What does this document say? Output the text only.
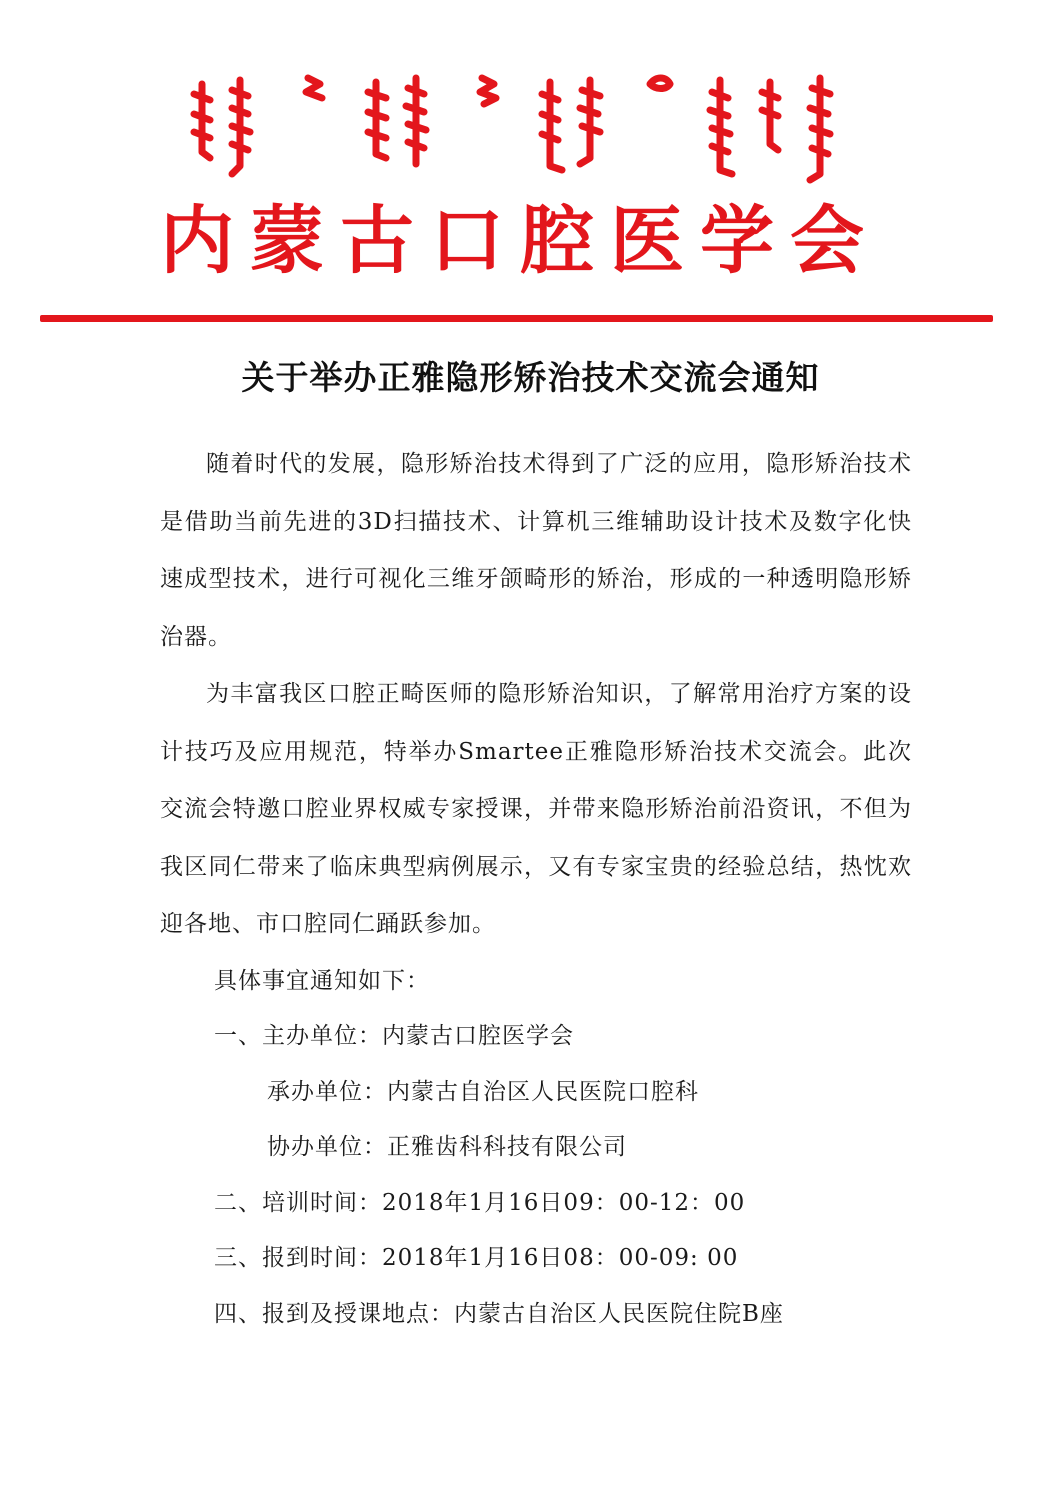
内蒙古口腔医学会
关于举办正雅隐形矫治技术交流会通知

随着时代的发展，隐形矫治技术得到了广泛的应用，隐形矫治技术是借助当前先进的3D扫描技术、计算机三维辅助设计技术及数字化快速成型技术，进行可视化三维牙颌畸形的矫治，形成的一种透明隐形矫治器。

为丰富我区口腔正畸医师的隐形矫治知识，了解常用治疗方案的设计技巧及应用规范，特举办Smartee正雅隐形矫治技术交流会。此次交流会特邀口腔业界权威专家授课，并带来隐形矫治前沿资讯，不但为我区同仁带来了临床典型病例展示，又有专家宝贵的经验总结，热忱欢迎各地、市口腔同仁踊跃参加。

具体事宜通知如下：

一、主办单位：内蒙古口腔医学会

承办单位：内蒙古自治区人民医院口腔科

协办单位：正雅齿科科技有限公司

二、培训时间：2018年1月16日09：00-12：00

三、报到时间：2018年1月16日08：00-09: 00

四、报到及授课地点：内蒙古自治区人民医院住院B座
